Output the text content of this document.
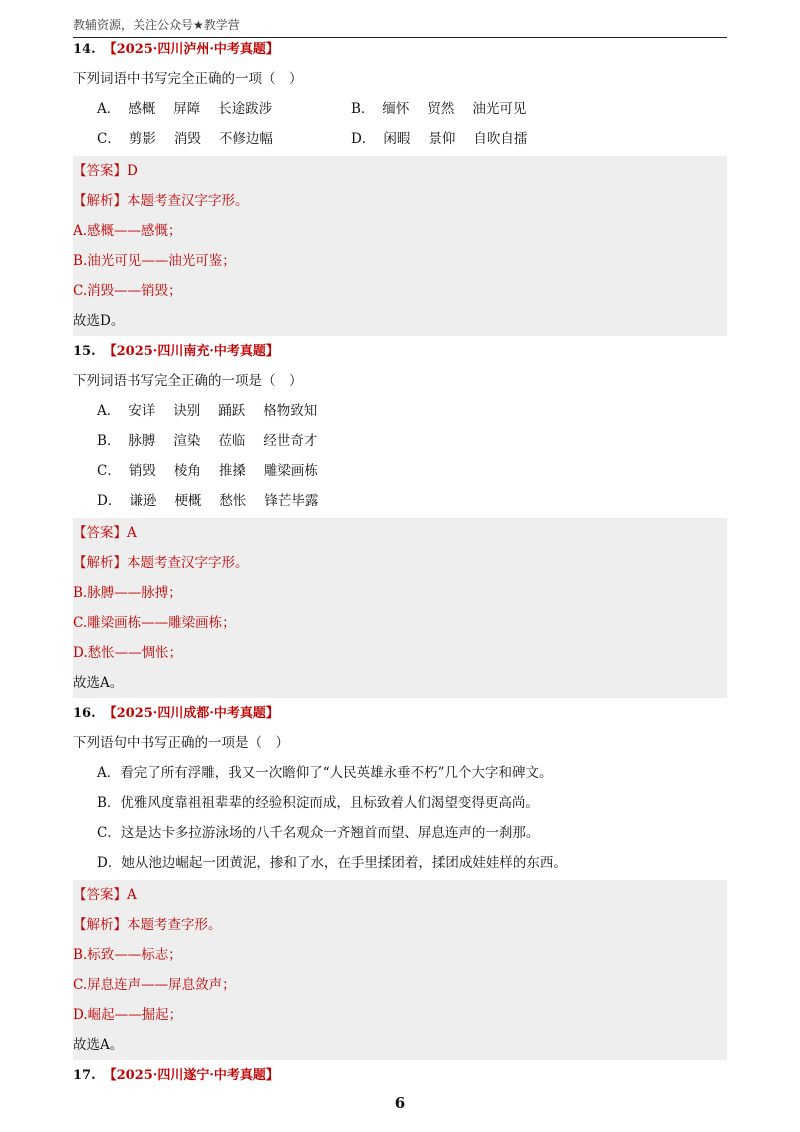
教辅资源，关注公众号★教学营
14. 【2025·四川泸州·中考真题】
下列词语中书写完全正确的一项（　）
A． 感概 屏障 长途跋涉	B． 缅怀 贸然 油光可见
C． 剪影 消毁 不修边幅	D． 闲暇 景仰 自吹自擂
【答案】D
【解析】本题考查汉字字形。
A.感概——感慨；
B.油光可见——油光可鉴；
C.消毁——销毁；
故选D。
15. 【2025·四川南充·中考真题】
下列词语书写完全正确的一项是（　）
A． 安详 诀别 踊跃 格物致知
B． 脉膊 渲染 莅临 经世奇才
C． 销毁 棱角 推搡 雕梁画栋
D． 谦逊 梗概 愁怅 锋芒毕露
【答案】A
【解析】本题考查汉字字形。
B.脉膊——脉搏；
C.雕梁画栋——雕梁画栋；
D.愁怅——惆怅；
故选A。
16. 【2025·四川成都·中考真题】
下列语句中书写正确的一项是（　）
A．看完了所有浮雕，我又一次瞻仰了“人民英雄永垂不朽”几个大字和碑文。
B．优雅风度靠祖祖辈辈的经验积淀而成，且标致着人们渴望变得更高尚。
C．这是达卡多拉游泳场的八千名观众一齐翘首而望、屏息连声的一刹那。
D．她从池边崛起一团黄泥，掺和了水，在手里揉团着，揉团成娃娃样的东西。
【答案】A
【解析】本题考查字形。
B.标致——标志；
C.屏息连声——屏息敛声；
D.崛起——掘起；
故选A。
17. 【2025·四川遂宁·中考真题】
6
